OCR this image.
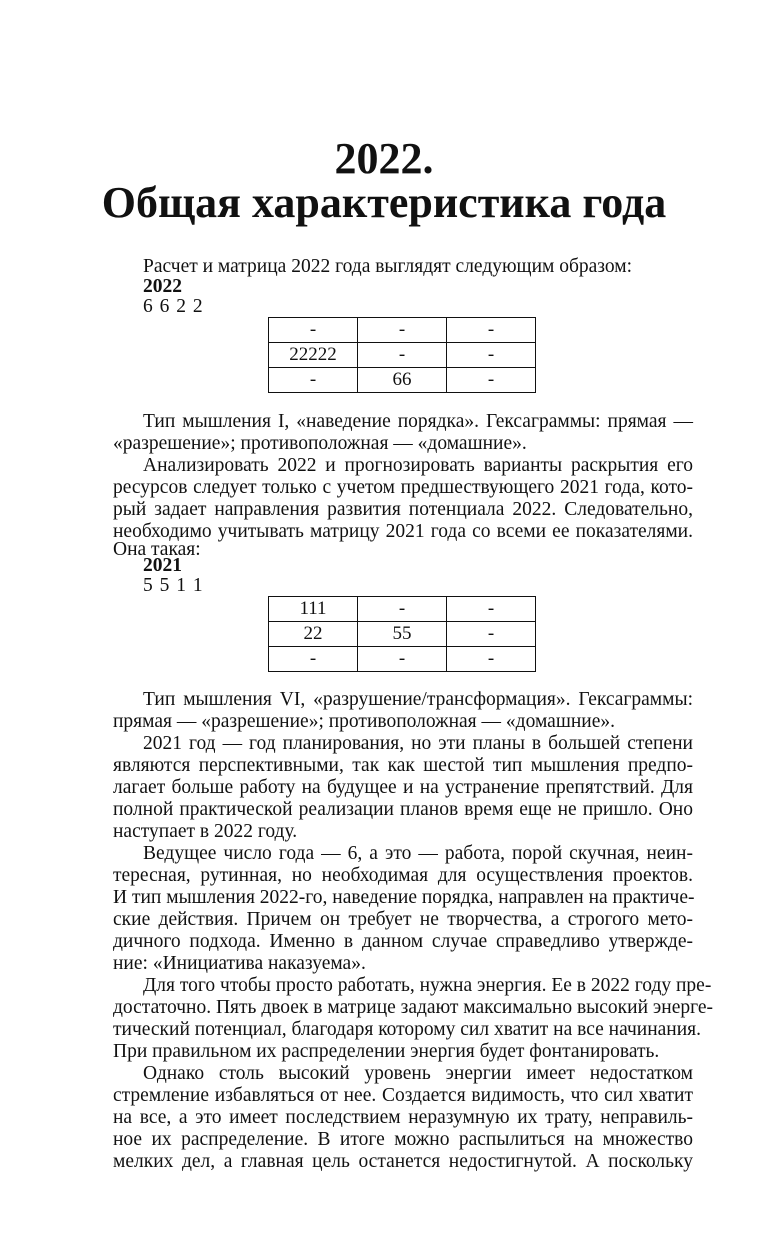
2022.
Общая характеристика года
Расчет и матрица 2022 года выглядят следующим образом:
2022
6 6 2 2
-	-	-
22222	-	-
-	66	-
Тип мышления I, «наведение порядка». Гексаграммы: прямая —
«разрешение»; противоположная — «домашние».
Анализировать 2022 и прогнозировать варианты раскрытия его
ресурсов следует только с учетом предшествующего 2021 года, кото-
рый задает направления развития потенциала 2022. Следовательно,
необходимо учитывать матрицу 2021 года со всеми ее показателями.
Она такая:
2021
5 5 1 1
111	-	-
22	55	-
-	-	-
Тип мышления VI, «разрушение/трансформация». Гексаграммы:
прямая — «разрешение»; противоположная — «домашние».
2021 год — год планирования, но эти планы в большей степени
являются перспективными, так как шестой тип мышления предпо-
лагает больше работу на будущее и на устранение препятствий. Для
полной практической реализации планов время еще не пришло. Оно
наступает в 2022 году.
Ведущее число года — 6, а это — работа, порой скучная, неин-
тересная, рутинная, но необходимая для осуществления проектов.
И тип мышления 2022-го, наведение порядка, направлен на практиче-
ские действия. Причем он требует не творчества, а строгого мето-
дичного подхода. Именно в данном случае справедливо утвержде-
ние: «Инициатива наказуема».
Для того чтобы просто работать, нужна энергия. Ее в 2022 году пре-
достаточно. Пять двоек в матрице задают максимально высокий энерге-
тический потенциал, благодаря которому сил хватит на все начинания.
При правильном их распределении энергия будет фонтанировать.
Однако столь высокий уровень энергии имеет недостатком
стремление избавляться от нее. Создается видимость, что сил хватит
на все, а это имеет последствием неразумную их трату, неправиль-
ное их распределение. В итоге можно распылиться на множество
мелких дел, а главная цель останется недостигнутой. А поскольку
